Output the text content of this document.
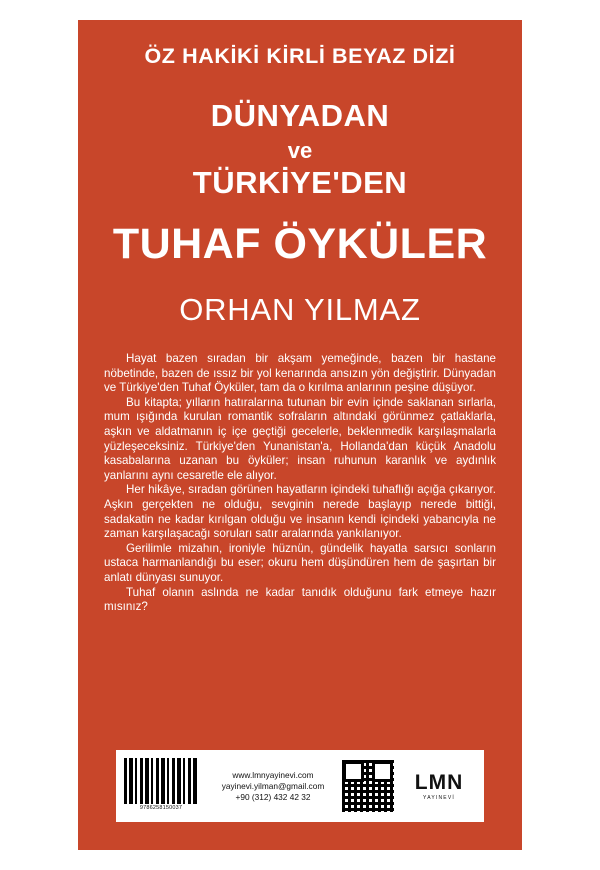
ÖZ HAKİKİ KİRLİ BEYAZ DİZİ
DÜNYADAN
ve
TÜRKİYE'DEN
TUHAF ÖYKÜLER
ORHAN YILMAZ

Hayat bazen sıradan bir akşam yemeğinde, bazen bir hastane nöbetinde, bazen de ıssız bir yol kenarında ansızın yön değiştirir. Dünyadan ve Türkiye'den Tuhaf Öyküler, tam da o kırılma anlarının peşine düşüyor.

Bu kitapta; yılların hatıralarına tutunan bir evin içinde saklanan sırlarla, mum ışığında kurulan romantik sofraların altındaki görünmez çatlaklarla, aşkın ve aldatmanın iç içe geçtiği gecelerle, beklenmedik karşılaşmalarla yüzleşeceksiniz. Türkiye'den Yunanistan'a, Hollanda'dan küçük Anadolu kasabalarına uzanan bu öyküler; insan ruhunun karanlık ve aydınlık yanlarını aynı cesaretle ele alıyor.

Her hikâye, sıradan görünen hayatların içindeki tuhaflığı açığa çıkarıyor. Aşkın gerçekten ne olduğu, sevginin nerede başlayıp nerede bittiği, sadakatin ne kadar kırılgan olduğu ve insanın kendi içindeki yabancıyla ne zaman karşılaşacağı soruları satır aralarında yankılanıyor.

Gerilimle mizahın, ironiyle hüznün, gündelik hayatla sarsıcı sonların ustaca harmanlandığı bu eser; okuru hem düşündüren hem de şaşırtan bir anlatı dünyası sunuyor.

Tuhaf olanın aslında ne kadar tanıdık olduğunu fark etmeye hazır mısınız?

9786258150037
www.lmnyayinevi.com
yayinevi.yilman@gmail.com
+90 (312) 432 42 32
LMN
YAYINEVİ
